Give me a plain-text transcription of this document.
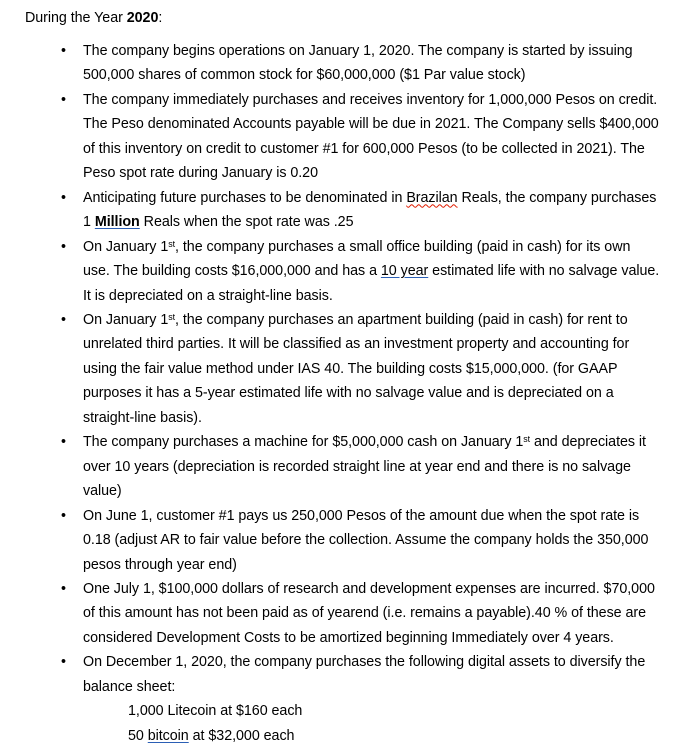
During the Year 2020:

•	The company begins operations on January 1, 2020. The company is started by issuing 500,000 shares of common stock for $60,000,000 ($1 Par value stock)
•	The company immediately purchases and receives inventory for 1,000,000 Pesos on credit. The Peso denominated Accounts payable will be due in 2021. The Company sells $400,000 of this inventory on credit to customer #1 for 600,000 Pesos (to be collected in 2021). The Peso spot rate during January is 0.20
•	Anticipating future purchases to be denominated in Brazilan Reals, the company purchases 1 Million Reals when the spot rate was .25
•	On January 1st, the company purchases a small office building (paid in cash) for its own use. The building costs $16,000,000 and has a 10 year estimated life with no salvage value. It is depreciated on a straight-line basis.
•	On January 1st, the company purchases an apartment building (paid in cash) for rent to unrelated third parties. It will be classified as an investment property and accounting for using the fair value method under IAS 40. The building costs $15,000,000. (for GAAP purposes it has a 5-year estimated life with no salvage value and is depreciated on a straight-line basis).
•	The company purchases a machine for $5,000,000 cash on January 1st and depreciates it over 10 years (depreciation is recorded straight line at year end and there is no salvage value)
•	On June 1, customer #1 pays us 250,000 Pesos of the amount due when the spot rate is 0.18 (adjust AR to fair value before the collection. Assume the company holds the 350,000 pesos through year end)
•	One July 1, $100,000 dollars of research and development expenses are incurred. $70,000 of this amount has not been paid as of yearend (i.e. remains a payable).40 % of these are considered Development Costs to be amortized beginning Immediately over 4 years.
•	On December 1, 2020, the company purchases the following digital assets to diversify the balance sheet:
1,000 Litecoin at $160 each
50 bitcoin at $32,000 each
